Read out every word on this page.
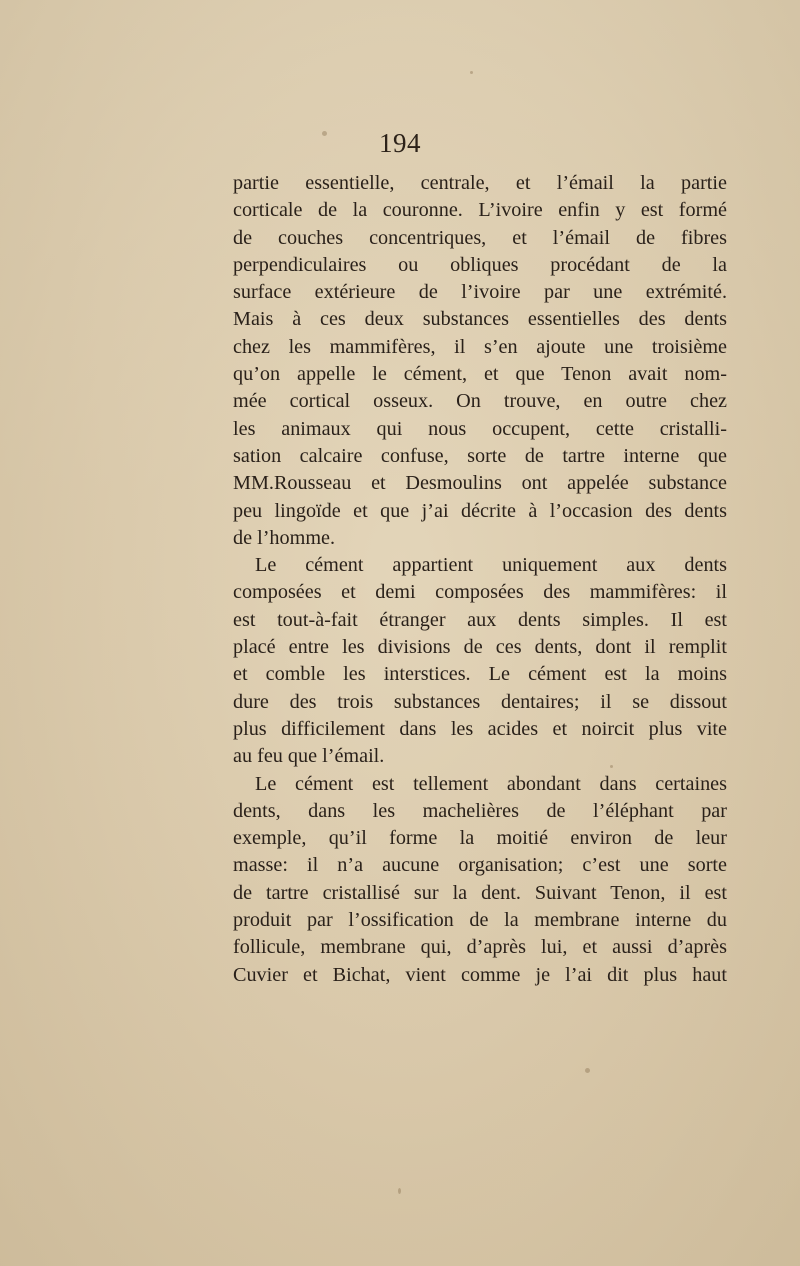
194
partie essentielle, centrale, et l’émail la partie
corticale de la couronne. L’ivoire enfin y est formé
de couches concentriques, et l’émail de fibres
perpendiculaires ou obliques procédant de la
surface extérieure de l’ivoire par une extrémité.
Mais à ces deux substances essentielles des dents
chez les mammifères, il s’en ajoute une troisième
qu’on appelle le cément, et que Tenon avait nom-
mée cortical osseux. On trouve, en outre chez
les animaux qui nous occupent, cette cristalli-
sation calcaire confuse, sorte de tartre interne que
MM.Rousseau et Desmoulins ont appelée substance
peu lingoïde et que j’ai décrite à l’occasion des dents
de l’homme.
Le cément appartient uniquement aux dents
composées et demi composées des mammifères: il
est tout-à-fait étranger aux dents simples. Il est
placé entre les divisions de ces dents, dont il remplit
et comble les interstices. Le cément est la moins
dure des trois substances dentaires; il se dissout
plus difficilement dans les acides et noircit plus vite
au feu que l’émail.
Le cément est tellement abondant dans certaines
dents, dans les machelières de l’éléphant par
exemple, qu’il forme la moitié environ de leur
masse: il n’a aucune organisation; c’est une sorte
de tartre cristallisé sur la dent. Suivant Tenon, il est
produit par l’ossification de la membrane interne du
follicule, membrane qui, d’après lui, et aussi d’après
Cuvier et Bichat, vient comme je l’ai dit plus haut
